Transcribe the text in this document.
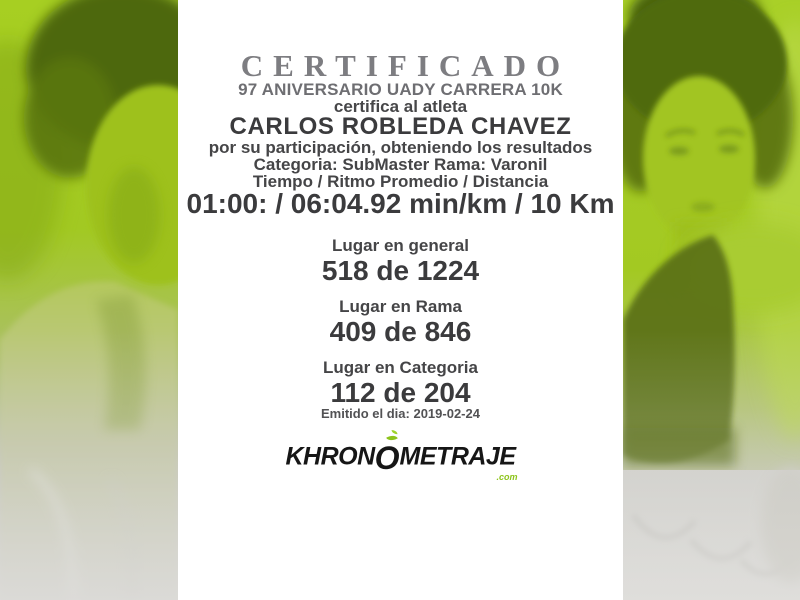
CERTIFICADO
97 ANIVERSARIO UADY CARRERA 10K
certifica al atleta
CARLOS ROBLEDA CHAVEZ
por su participación, obteniendo los resultados
Categoria: SubMaster Rama: Varonil
Tiempo / Ritmo Promedio / Distancia
01:00: / 06:04.92 min/km / 10 Km
Lugar en general
518 de 1224
Lugar en Rama
409 de 846
Lugar en Categoria
112 de 204
Emitido el dia: 2019-02-24
KHRON
OMETRAJE
.com
